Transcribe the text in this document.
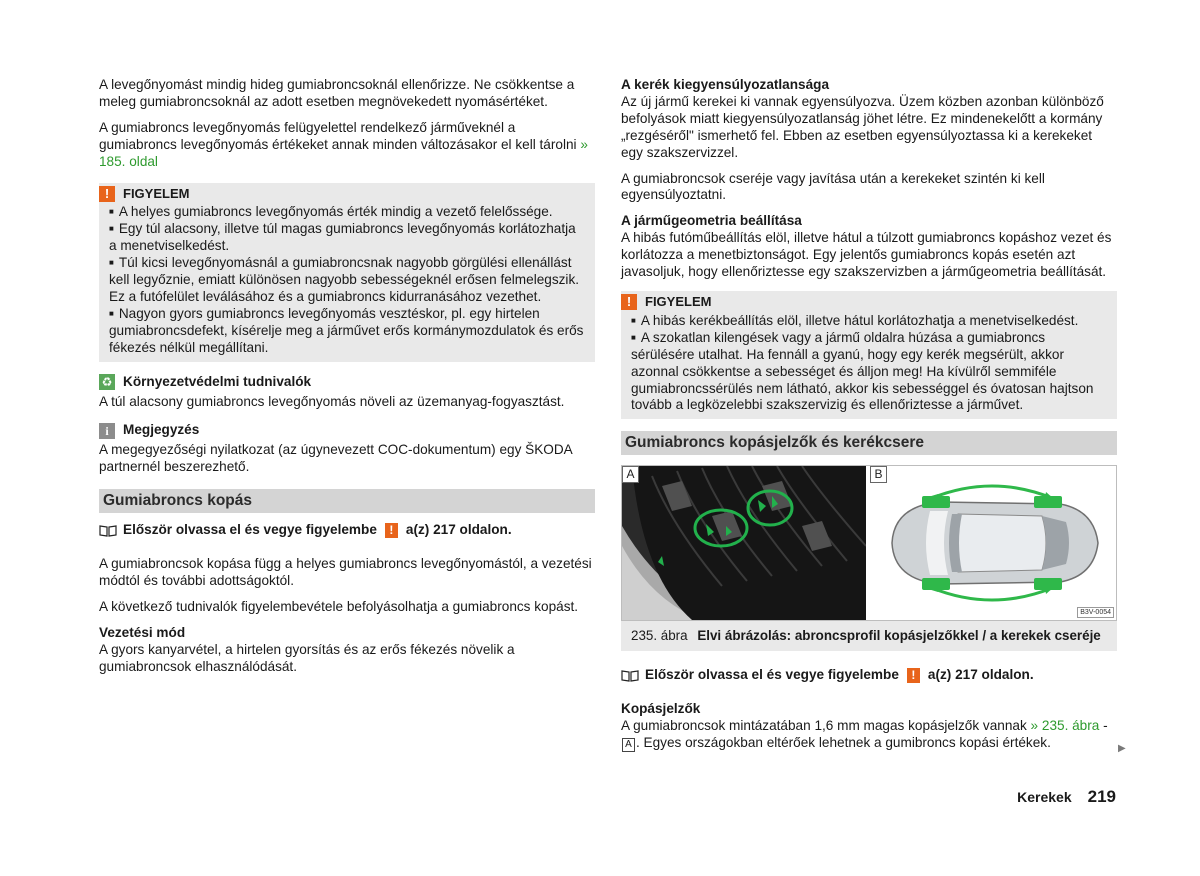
A levegőnyomást mindig hideg gumiabroncsoknál ellenőrizze. Ne csökkentse a meleg gumiabroncsoknál az adott esetben megnövekedett nyomásértéket.

A gumiabroncs levegőnyomás felügyelettel rendelkező járműveknél a gumiabroncs levegőnyomás értékeket annak minden változásakor el kell tárolni » 185. oldal

!	FIGYELEM
■ A helyes gumiabroncs levegőnyomás érték mindig a vezető felelőssége.
■ Egy túl alacsony, illetve túl magas gumiabroncs levegőnyomás korlátozhatja a menetviselkedést.
■ Túl kicsi levegőnyomásnál a gumiabroncsnak nagyobb görgülési ellenállást kell legyőznie, emiatt különösen nagyobb sebességeknél erősen felmelegszik. Ez a futófelület leválásához és a gumiabroncs kidurranásához vezethet.
■ Nagyon gyors gumiabroncs levegőnyomás vesztéskor, pl. egy hirtelen gumiabroncsdefekt, kísérelje meg a járművet erős kormánymozdulatok és erős fékezés nélkül megállítani.
♻ Környezetvédelmi tudnivalók

A túl alacsony gumiabroncs levegőnyomás növeli az üzemanyag-fogyasztást.

i	Megjegyzés

A megegyezőségi nyilatkozat (az úgynevezett COC-dokumentum) egy ŠKODA partnernél beszerezhető.

Gumiabroncs kopás
Először olvassa el és vegye figyelembe	! a(z) 217 oldalon.

A gumiabroncsok kopása függ a helyes gumiabroncs levegőnyomástól, a vezetési módtól és további adottságoktól.

A következő tudnivalók figyelembevétele befolyásolhatja a gumiabroncs kopást.

Vezetési mód

A gyors kanyarvétel, a hirtelen gyorsítás és az erős fékezés növelik a gumiabroncsok elhasználódását.

A kerék kiegyensúlyozatlansága

Az új jármű kerekei ki vannak egyensúlyozva. Üzem közben azonban különböző befolyások miatt kiegyensúlyozatlanság jöhet létre. Ez mindenekelőtt a kormány „rezgéséről" ismerhető fel. Ebben az esetben egyensúlyoztassa ki a kerekeket egy szakszervizzel.

A gumiabroncsok cseréje vagy javítása után a kerekeket szintén ki kell egyensúlyoztatni.

A járműgeometria beállítása

A hibás futóműbeállítás elöl, illetve hátul a túlzott gumiabroncs kopáshoz vezet és korlátozza a menetbiztonságot. Egy jelentős gumiabroncs kopás esetén azt javasoljuk, hogy ellenőriztesse egy szakszervizben a járműgeometria beállítását.

!	FIGYELEM
■ A hibás kerékbeállítás elöl, illetve hátul korlátozhatja a menetviselkedést.
■ A szokatlan kilengések vagy a jármű oldalra húzása a gumiabroncs sérülésére utalhat. Ha fennáll a gyanú, hogy egy kerék megsérült, akkor azonnal csökkentse a sebességet és álljon meg! Ha kívülről semmiféle gumiabroncssérülés nem látható, akkor kis sebességgel és óvatosan hajtson tovább a legközelebbi szakszervizig és ellenőriztesse a járművet.
Gumiabroncs kopásjelzők és kerékcsere
A	B
B3V-0054
235. ábra Elvi ábrázolás: abroncsprofil kopásjelzőkkel / a kerekek cseréje
Először olvassa el és vegye figyelembe	! a(z) 217 oldalon.

Kopásjelzők

A gumiabroncsok mintázatában 1,6 mm magas kopásjelzők vannak » 235. ábra - A . Egyes országokban eltérőek lehetnek a gumibroncs kopási értékek.	▶
Kerekek 219
